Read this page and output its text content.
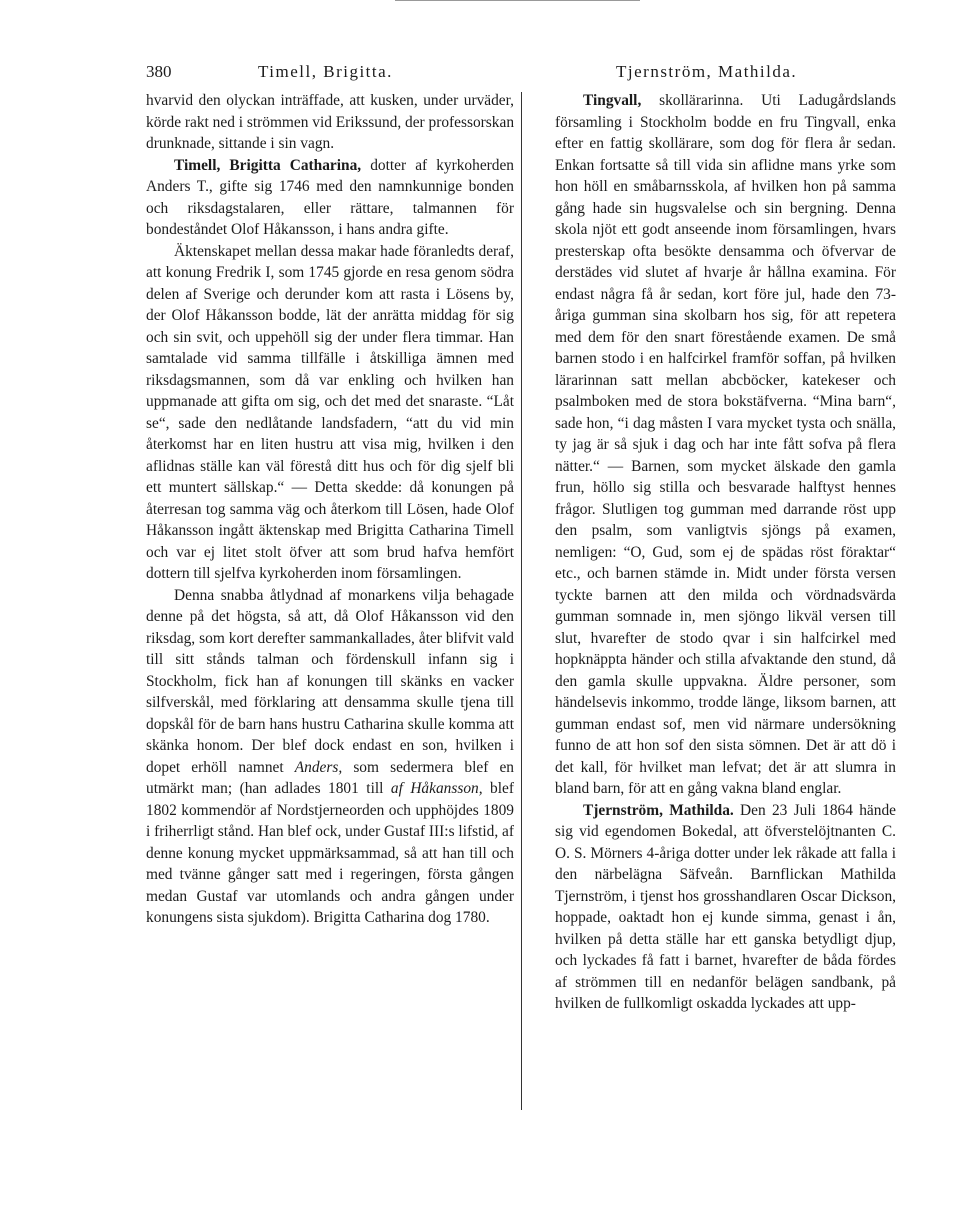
380	Timell, Brigitta.	Tjernström, Mathilda.

hvarvid den olyckan inträffade, att kusken, under urväder, körde rakt ned i strömmen vid Erikssund, der professorskan drunknade, sittande i sin vagn.

Timell, Brigitta Catharina, dotter af kyrkoherden Anders T., gifte sig 1746 med den namnkunnige bonden och riksdagstalaren, eller rättare, talmannen för bondeståndet Olof Håkansson, i hans andra gifte.

Äktenskapet mellan dessa makar hade föranledts deraf, att konung Fredrik I, som 1745 gjorde en resa genom södra delen af Sverige och derunder kom att rasta i Lösens by, der Olof Håkansson bodde, lät der anrätta middag för sig och sin svit, och uppehöll sig der under flera timmar. Han samtalade vid samma tillfälle i åtskilliga ämnen med riksdagsmannen, som då var enkling och hvilken han uppmanade att gifta om sig, och det med det snaraste. “Låt se“, sade den nedlåtande landsfadern, “att du vid min återkomst har en liten hustru att visa mig, hvilken i den aflidnas ställe kan väl förestå ditt hus och för dig sjelf bli ett muntert sällskap.“ — Detta skedde: då konungen på återresan tog samma väg och återkom till Lösen, hade Olof Håkansson ingått äktenskap med Brigitta Catharina Timell och var ej litet stolt öfver att som brud hafva hemfört dottern till sjelfva kyrkoherden inom församlingen.

Denna snabba åtlydnad af monarkens vilja behagade denne på det högsta, så att, då Olof Håkansson vid den riksdag, som kort derefter sammankallades, åter blifvit vald till sitt stånds talman och fördenskull infann sig i Stockholm, fick han af konungen till skänks en vacker silfverskål, med förklaring att densamma skulle tjena till dopskål för de barn hans hustru Catharina skulle komma att skänka honom. Der blef dock endast en son, hvilken i dopet erhöll namnet Anders, som sedermera blef en utmärkt man; (han adlades 1801 till af Håkansson, blef 1802 kommendör af Nordstjerneorden och upphöjdes 1809 i friherrligt stånd. Han blef ock, under Gustaf III:s lifstid, af denne konung mycket uppmärksammad, så att han till och med tvänne gånger satt med i regeringen, första gången medan Gustaf var utomlands och andra gången under konungens sista sjukdom). Brigitta Catharina dog 1780.

Tingvall, skollärarinna. Uti Ladugårdslands församling i Stockholm bodde en fru Tingvall, enka efter en fattig skollärare, som dog för flera år sedan. Enkan fortsatte så till vida sin aflidne mans yrke som hon höll en småbarnsskola, af hvilken hon på samma gång hade sin hugsvalelse och sin bergning. Denna skola njöt ett godt anseende inom församlingen, hvars presterskap ofta besökte densamma och öfvervar de derstädes vid slutet af hvarje år hållna examina. För endast några få år sedan, kort före jul, hade den 73-åriga gumman sina skolbarn hos sig, för att repetera med dem för den snart förestående examen. De små barnen stodo i en halfcirkel framför soffan, på hvilken lärarinnan satt mellan abcböcker, katekeser och psalmboken med de stora bokstäfverna. “Mina barn“, sade hon, “i dag måsten I vara mycket tysta och snälla, ty jag är så sjuk i dag och har inte fått sofva på flera nätter.“ — Barnen, som mycket älskade den gamla frun, höllo sig stilla och besvarade halftyst hennes frågor. Slutligen tog gumman med darrande röst upp den psalm, som vanligtvis sjöngs på examen, nemligen: “O, Gud, som ej de spädas röst föraktar“ etc., och barnen stämde in. Midt under första versen tyckte barnen att den milda och vördnadsvärda gumman somnade in, men sjöngo likväl versen till slut, hvarefter de stodo qvar i sin halfcirkel med hopknäppta händer och stilla afvaktande den stund, då den gamla skulle uppvakna. Äldre personer, som händelsevis inkommo, trodde länge, liksom barnen, att gumman endast sof, men vid närmare undersökning funno de att hon sof den sista sömnen. Det är att dö i det kall, för hvilket man lefvat; det är att slumra in bland barn, för att en gång vakna bland englar.

Tjernström, Mathilda. Den 23 Juli 1864 hände sig vid egendomen Bokedal, att öfverstelöjtnanten C. O. S. Mörners 4-åriga dotter under lek råkade att falla i den närbelägna Säfveån. Barnflickan Mathilda Tjernström, i tjenst hos grosshandlaren Oscar Dickson, hoppade, oaktadt hon ej kunde simma, genast i ån, hvilken på detta ställe har ett ganska betydligt djup, och lyckades få fatt i barnet, hvarefter de båda fördes af strömmen till en nedanför belägen sandbank, på hvilken de fullkomligt oskadda lyckades att upp-
